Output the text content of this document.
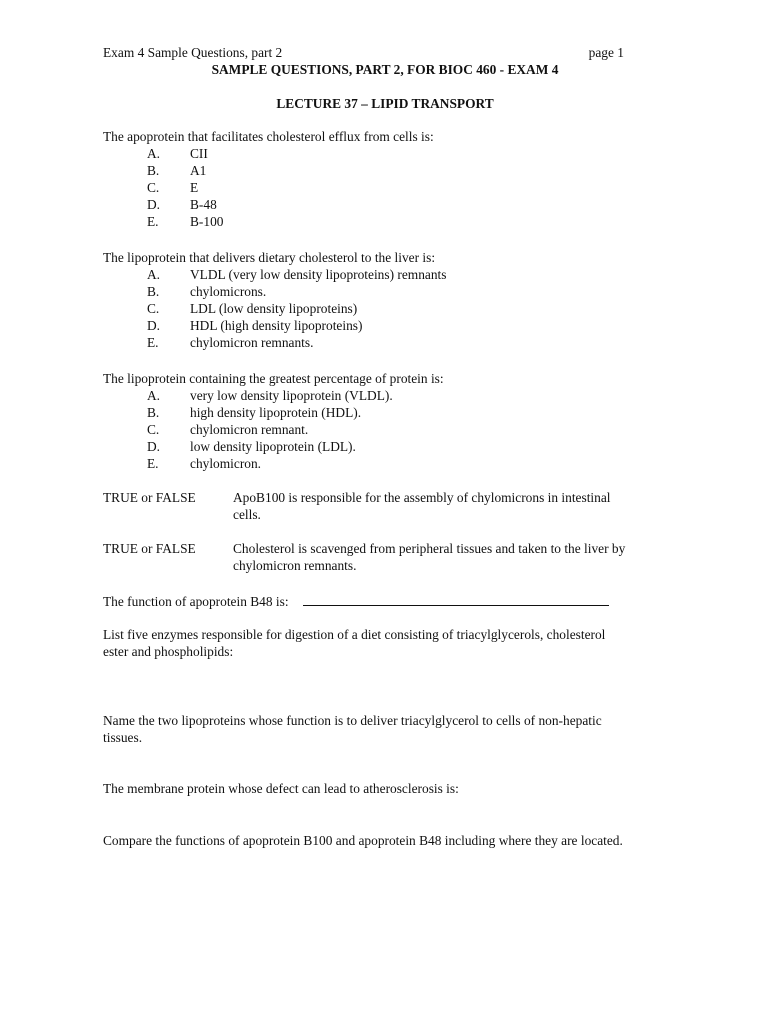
Exam 4 Sample Questions, part 2	page 1
SAMPLE QUESTIONS, PART 2, FOR BIOC 460 - EXAM 4
LECTURE 37 – LIPID TRANSPORT
The apoprotein that facilitates cholesterol efflux from cells is:
A.	CII
B.	A1
C.	E
D.	B-48
E.	B-100
The lipoprotein that delivers dietary cholesterol to the liver is:
A.	VLDL (very low density lipoproteins) remnants
B.	chylomicrons.
C.	LDL (low density lipoproteins)
D.	HDL (high density lipoproteins)
E.	chylomicron remnants.
The lipoprotein containing the greatest percentage of protein is:
A.	very low density lipoprotein (VLDL).
B.	high density lipoprotein (HDL).
C.	chylomicron remnant.
D.	low density lipoprotein (LDL).
E.	chylomicron.
TRUE or FALSE	ApoB100 is responsible for the assembly of chylomicrons in intestinal
cells.
TRUE or FALSE	Cholesterol is scavenged from peripheral tissues and taken to the liver by
chylomicron remnants.
The function of apoprotein B48 is:
List five enzymes responsible for digestion of a diet consisting of triacylglycerols, cholesterol
ester and phospholipids:
Name the two lipoproteins whose function is to deliver triacylglycerol to cells of non-hepatic
tissues.
The membrane protein whose defect can lead to atherosclerosis is:
Compare the functions of apoprotein B100 and apoprotein B48 including where they are located.
